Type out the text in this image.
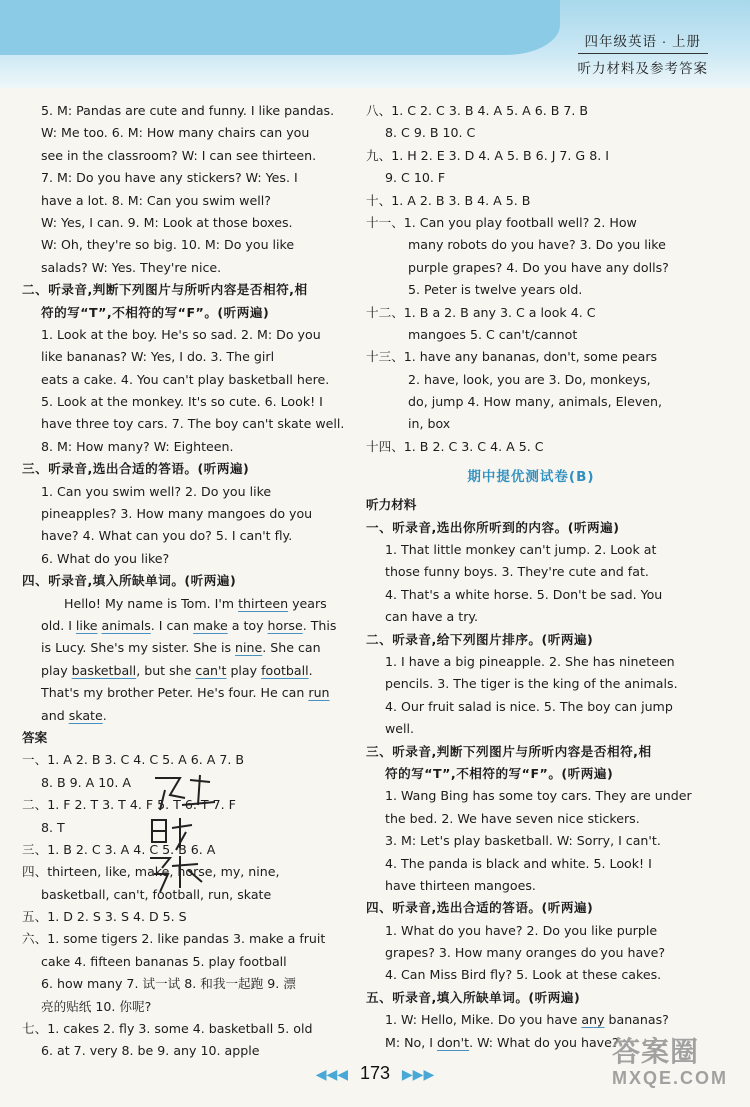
四年级英语 · 上册
听力材料及参考答案
5. M: Pandas are cute and funny. I like pandas.
W: Me too. 6. M: How many chairs can you
see in the classroom? W: I can see thirteen.
7. M: Do you have any stickers? W: Yes. I
have a lot. 8. M: Can you swim well?
W: Yes, I can. 9. M: Look at those boxes.
W: Oh, they're so big. 10. M: Do you like
salads? W: Yes. They're nice.
二、听录音,判断下列图片与所听内容是否相符,相
符的写“T”,不相符的写“F”。(听两遍)
1. Look at the boy. He's so sad. 2. M: Do you
like bananas? W: Yes, I do. 3. The girl
eats a cake. 4. You can't play basketball here.
5. Look at the monkey. It's so cute. 6. Look! I
have three toy cars. 7. The boy can't skate well.
8. M: How many? W: Eighteen.
三、听录音,选出合适的答语。(听两遍)
1. Can you swim well? 2. Do you like
pineapples? 3. How many mangoes do you
have? 4. What can you do? 5. I can't fly.
6. What do you like?
四、听录音,填入所缺单词。(听两遍)
Hello! My name is Tom. I'm thirteen years
old. I like animals. I can make a toy horse. This
is Lucy. She's my sister. She is nine. She can
play basketball, but she can't play football.
That's my brother Peter. He's four. He can run
and skate.
答案
一、1. A 2. B 3. C 4. C 5. A 6. A 7. B
8. B 9. A 10. A
二、1. F 2. T 3. T 4. F 5. T 6. T 7. F
8. T
三、1. B 2. C 3. A 4. C 5. B 6. A
四、thirteen, like, make, horse, my, nine,
basketball, can't, football, run, skate
五、1. D 2. S 3. S 4. D 5. S
六、1. some tigers 2. like pandas 3. make a fruit
cake 4. fifteen bananas 5. play football
6. how many 7. 试一试 8. 和我一起跑 9. 漂
亮的贴纸 10. 你呢?
七、1. cakes 2. fly 3. some 4. basketball 5. old
6. at 7. very 8. be 9. any 10. apple
八、1. C 2. C 3. B 4. A 5. A 6. B 7. B
8. C 9. B 10. C
九、1. H 2. E 3. D 4. A 5. B 6. J 7. G 8. I
9. C 10. F
十、1. A 2. B 3. B 4. A 5. B
十一、1. Can you play football well? 2. How
many robots do you have? 3. Do you like
purple grapes? 4. Do you have any dolls?
5. Peter is twelve years old.
十二、1. B a 2. B any 3. C a look 4. C
mangoes 5. C can't/cannot
十三、1. have any bananas, don't, some pears
2. have, look, you are 3. Do, monkeys,
do, jump 4. How many, animals, Eleven,
in, box
十四、1. B 2. C 3. C 4. A 5. C
期中提优测试卷(B)
听力材料
一、听录音,选出你所听到的内容。(听两遍)
1. That little monkey can't jump. 2. Look at
those funny boys. 3. They're cute and fat.
4. That's a white horse. 5. Don't be sad. You
can have a try.
二、听录音,给下列图片排序。(听两遍)
1. I have a big pineapple. 2. She has nineteen
pencils. 3. The tiger is the king of the animals.
4. Our fruit salad is nice. 5. The boy can jump
well.
三、听录音,判断下列图片与所听内容是否相符,相
符的写“T”,不相符的写“F”。(听两遍)
1. Wang Bing has some toy cars. They are under
the bed. 2. We have seven nice stickers.
3. M: Let's play basketball. W: Sorry, I can't.
4. The panda is black and white. 5. Look! I
have thirteen mangoes.
四、听录音,选出合适的答语。(听两遍)
1. What do you have? 2. Do you like purple
grapes? 3. How many oranges do you have?
4. Can Miss Bird fly? 5. Look at these cakes.
五、听录音,填入所缺单词。(听两遍)
1. W: Hello, Mike. Do you have any bananas?
M: No, I don't. W: What do you have?
◀◀◀ 173 ▶▶▶
答案圈
MXQE.COM
